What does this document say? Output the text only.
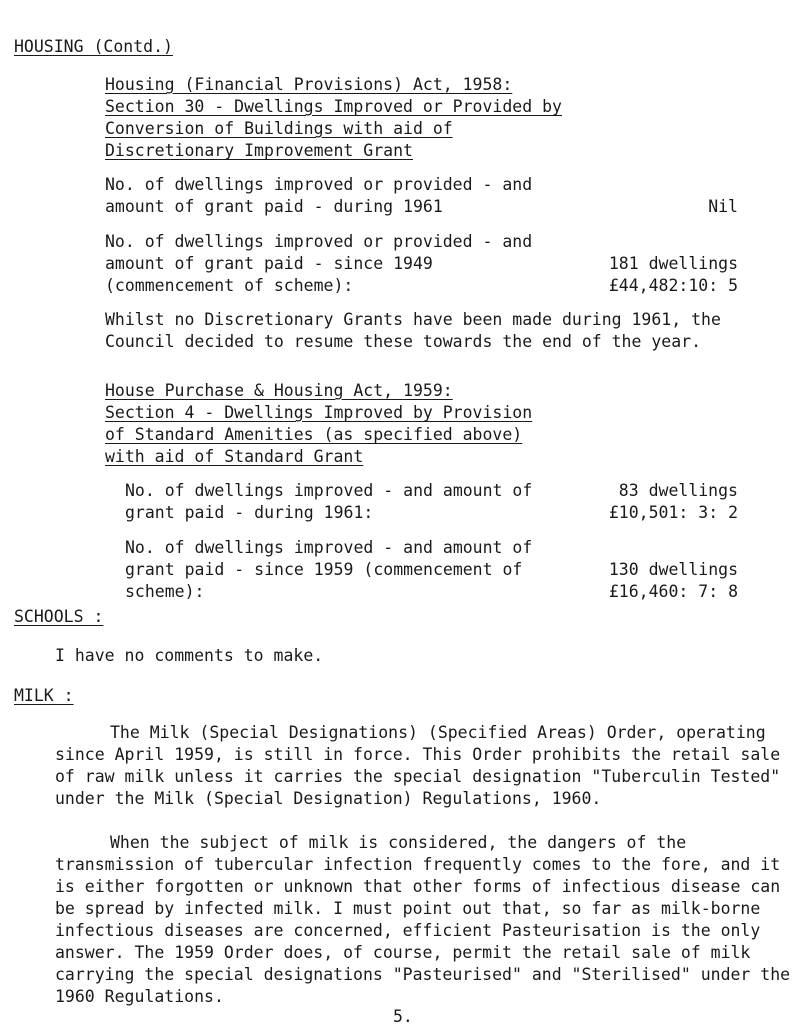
HOUSING (Contd.)
Housing (Financial Provisions) Act, 1958:
Section 30 - Dwellings Improved or Provided by
Conversion of Buildings with aid of
Discretionary Improvement Grant
No. of dwellings improved or provided - and
amount of grant paid - during 1961	Nil
No. of dwellings improved or provided - and
amount of grant paid - since 1949
(commencement of scheme):
181 dwellings
£44,482:10: 5
Whilst no Discretionary Grants have been made during 1961, the Council decided to resume these towards the end of the year.
House Purchase & Housing Act, 1959:
Section 4 - Dwellings Improved by Provision
of Standard Amenities (as specified above)
with aid of Standard Grant
No. of dwellings improved - and amount of
grant paid - during 1961:
83 dwellings
£10,501: 3: 2
No. of dwellings improved - and amount of
grant paid - since 1959 (commencement of
scheme):
130 dwellings
£16,460: 7: 8
SCHOOLS :
I have no comments to make.
MILK :
The Milk (Special Designations) (Specified Areas) Order, operating since April 1959, is still in force. This Order prohibits the retail sale of raw milk unless it carries the special designation "Tuberculin Tested" under the Milk (Special Designation) Regulations, 1960.
When the subject of milk is considered, the dangers of the transmission of tubercular infection frequently comes to the fore, and it is either forgotten or unknown that other forms of infectious disease can be spread by infected milk. I must point out that, so far as milk-borne infectious diseases are concerned, efficient Pasteurisation is the only answer. The 1959 Order does, of course, permit the retail sale of milk carrying the special designations "Pasteurised" and "Sterilised" under the 1960 Regulations.
5.
